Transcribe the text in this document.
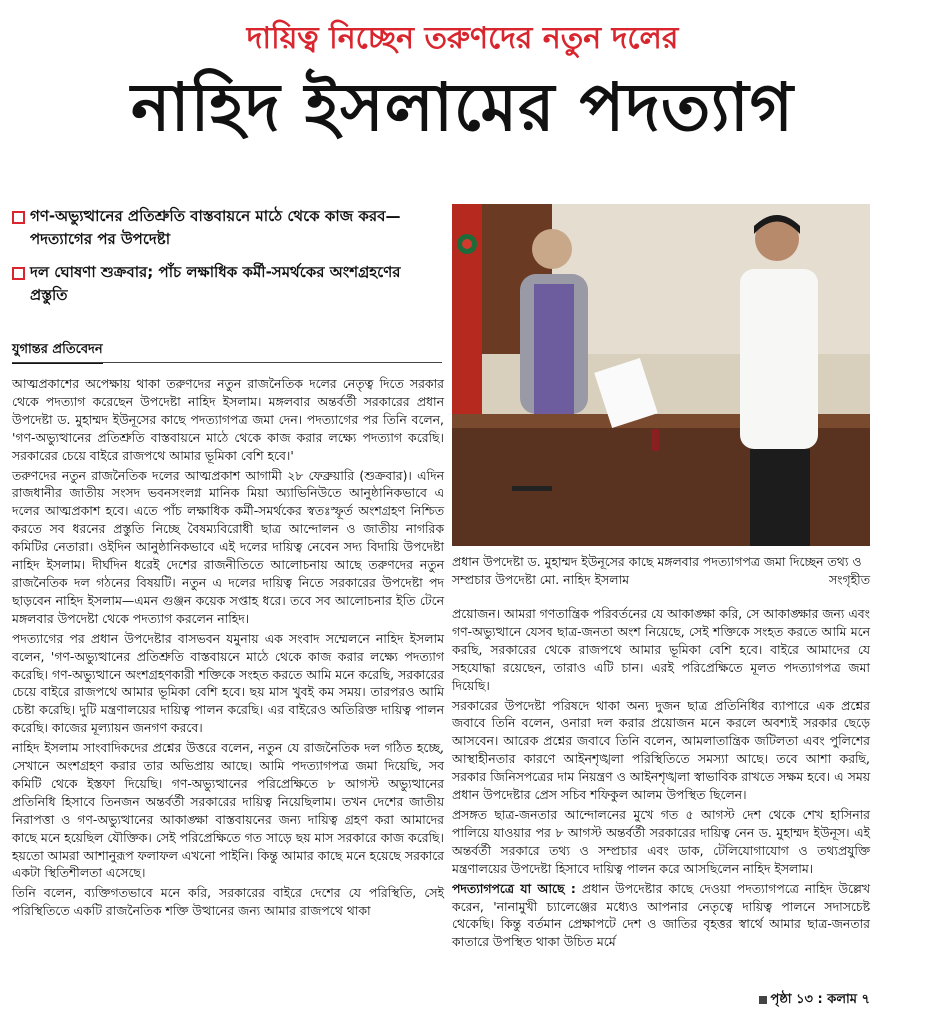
দায়িত্ব নিচ্ছেন তরুণদের নতুন দলের
নাহিদ ইসলামের পদত্যাগ
গণ-অভ্যুত্থানের প্রতিশ্রুতি বাস্তবায়নে মাঠে থেকে কাজ করব—পদত্যাগের পর উপদেষ্টা
দল ঘোষণা শুক্রবার; পাঁচ লক্ষাধিক কর্মী-সমর্থকের অংশগ্রহণের প্রস্তুতি
যুগান্তর প্রতিবেদন

আত্মপ্রকাশের অপেক্ষায় থাকা তরুণদের নতুন রাজনৈতিক দলের নেতৃত্ব দিতে সরকার থেকে পদত্যাগ করেছেন উপদেষ্টা নাহিদ ইসলাম। মঙ্গলবার অন্তর্বর্তী সরকারের প্রধান উপদেষ্টা ড. মুহাম্মদ ইউনূসের কাছে পদত্যাগপত্র জমা দেন। পদত্যাগের পর তিনি বলেন, 'গণ-অভ্যুত্থানের প্রতিশ্রুতি বাস্তবায়নে মাঠে থেকে কাজ করার লক্ষ্যে পদত্যাগ করেছি। সরকারের চেয়ে বাইরে রাজপথে আমার ভূমিকা বেশি হবে।'

তরুণদের নতুন রাজনৈতিক দলের আত্মপ্রকাশ আগামী ২৮ ফেব্রুয়ারি (শুক্রবার)। এদিন রাজধানীর জাতীয় সংসদ ভবনসংলগ্ন মানিক মিয়া অ্যাভিনিউতে আনুষ্ঠানিকভাবে এ দলের আত্মপ্রকাশ হবে। এতে পাঁচ লক্ষাধিক কর্মী-সমর্থকের স্বতঃস্ফূর্ত অংশগ্রহণ নিশ্চিত করতে সব ধরনের প্রস্তুতি নিচ্ছে বৈষম্যবিরোধী ছাত্র আন্দোলন ও জাতীয় নাগরিক কমিটির নেতারা। ওইদিন আনুষ্ঠানিকভাবে এই দলের দায়িত্ব নেবেন সদ্য বিদায়ি উপদেষ্টা নাহিদ ইসলাম। দীর্ঘদিন ধরেই দেশের রাজনীতিতে আলোচনায় আছে তরুণদের নতুন রাজনৈতিক দল গঠনের বিষয়টি। নতুন এ দলের দায়িত্ব নিতে সরকারের উপদেষ্টা পদ ছাড়বেন নাহিদ ইসলাম—এমন গুঞ্জন কয়েক সপ্তাহ ধরে। তবে সব আলোচনার ইতি টেনে মঙ্গলবার উপদেষ্টা থেকে পদত্যাগ করলেন নাহিদ।

পদত্যাগের পর প্রধান উপদেষ্টার বাসভবন যমুনায় এক সংবাদ সম্মেলনে নাহিদ ইসলাম বলেন, 'গণ-অভ্যুত্থানের প্রতিশ্রুতি বাস্তবায়নে মাঠে থেকে কাজ করার লক্ষ্যে পদত্যাগ করেছি। গণ-অভ্যুত্থানে অংশগ্রহণকারী শক্তিকে সংহত করতে আমি মনে করেছি, সরকারের চেয়ে বাইরে রাজপথে আমার ভূমিকা বেশি হবে। ছয় মাস খুবই কম সময়। তারপরও আমি চেষ্টা করেছি। দুটি মন্ত্রণালয়ের দায়িত্ব পালন করেছি। এর বাইরেও অতিরিক্ত দায়িত্ব পালন করেছি। কাজের মূল্যায়ন জনগণ করবে।

নাহিদ ইসলাম সাংবাদিকদের প্রশ্নের উত্তরে বলেন, নতুন যে রাজনৈতিক দল গঠিত হচ্ছে, সেখানে অংশগ্রহণ করার তার অভিপ্রায় আছে। আমি পদত্যাগপত্র জমা দিয়েছি, সব কমিটি থেকে ইস্তফা দিয়েছি। গণ-অভ্যুত্থানের পরিপ্রেক্ষিতে ৮ আগস্ট অভ্যুত্থানের প্রতিনিধি হিসাবে তিনজন অন্তর্বর্তী সরকারের দায়িত্ব নিয়েছিলাম। তখন দেশের জাতীয় নিরাপত্তা ও গণ-অভ্যুত্থানের আকাঙ্ক্ষা বাস্তবায়নের জন্য দায়িত্ব গ্রহণ করা আমাদের কাছে মনে হয়েছিল যৌক্তিক। সেই পরিপ্রেক্ষিতে গত সাড়ে ছয় মাস সরকারে কাজ করেছি। হয়তো আমরা আশানুরূপ ফলাফল এখনো পাইনি। কিন্তু আমার কাছে মনে হয়েছে সরকারে একটা স্থিতিশীলতা এসেছে।

তিনি বলেন, ব্যক্তিগতভাবে মনে করি, সরকারের বাইরে দেশের যে পরিস্থিতি, সেই পরিস্থিতিতে একটি রাজনৈতিক শক্তি উত্থানের জন্য আমার রাজপথে থাকা

প্রধান উপদেষ্টা ড. মুহাম্মদ ইউনূসের কাছে মঙ্গলবার পদত্যাগপত্র জমা দিচ্ছেন তথ্য ও সম্প্রচার উপদেষ্টা মো. নাহিদ ইসলাম	সংগৃহীত

প্রয়োজন। আমরা গণতান্ত্রিক পরিবর্তনের যে আকাঙ্ক্ষা করি, সে আকাঙ্ক্ষার জন্য এবং গণ-অভ্যুত্থানে যেসব ছাত্র-জনতা অংশ নিয়েছে, সেই শক্তিকে সংহত করতে আমি মনে করছি, সরকারের থেকে রাজপথে আমার ভূমিকা বেশি হবে। বাইরে আমাদের যে সহযোদ্ধা রয়েছেন, তারাও এটি চান। এরই পরিপ্রেক্ষিতে মূলত পদত্যাগপত্র জমা দিয়েছি।

সরকারের উপদেষ্টা পরিষদে থাকা অন্য দুজন ছাত্র প্রতিনিধির ব্যাপারে এক প্রশ্নের জবাবে তিনি বলেন, ওনারা দল করার প্রয়োজন মনে করলে অবশ্যই সরকার ছেড়ে আসবেন। আরেক প্রশ্নের জবাবে তিনি বলেন, আমলাতান্ত্রিক জটিলতা এবং পুলিশের আস্থাহীনতার কারণে আইনশৃঙ্খলা পরিস্থিতিতে সমস্যা আছে। তবে আশা করছি, সরকার জিনিসপত্রের দাম নিয়ন্ত্রণ ও আইনশৃঙ্খলা স্বাভাবিক রাখতে সক্ষম হবে। এ সময় প্রধান উপদেষ্টার প্রেস সচিব শফিকুল আলম উপস্থিত ছিলেন।

প্রসঙ্গত ছাত্র-জনতার আন্দোলনের মুখে গত ৫ আগস্ট দেশ থেকে শেখ হাসিনার পালিয়ে যাওয়ার পর ৮ আগস্ট অন্তর্বর্তী সরকারের দায়িত্ব নেন ড. মুহাম্মদ ইউনূস। এই অন্তর্বর্তী সরকারে তথ্য ও সম্প্রচার এবং ডাক, টেলিযোগাযোগ ও তথ্যপ্রযুক্তি মন্ত্রণালয়ের উপদেষ্টা হিসাবে দায়িত্ব পালন করে আসছিলেন নাহিদ ইসলাম।

পদত্যাগপত্রে যা আছে : প্রধান উপদেষ্টার কাছে দেওয়া পদত্যাগপত্রে নাহিদ উল্লেখ করেন, 'নানামুখী চ্যালেঞ্জের মধ্যেও আপনার নেতৃত্বে দায়িত্ব পালনে সদাসচেষ্ট থেকেছি। কিন্তু বর্তমান প্রেক্ষাপটে দেশ ও জাতির বৃহত্তর স্বার্থে আমার ছাত্র-জনতার কাতারে উপস্থিত থাকা উচিত মর্মে

পৃষ্ঠা ১৩ : কলাম ৭
